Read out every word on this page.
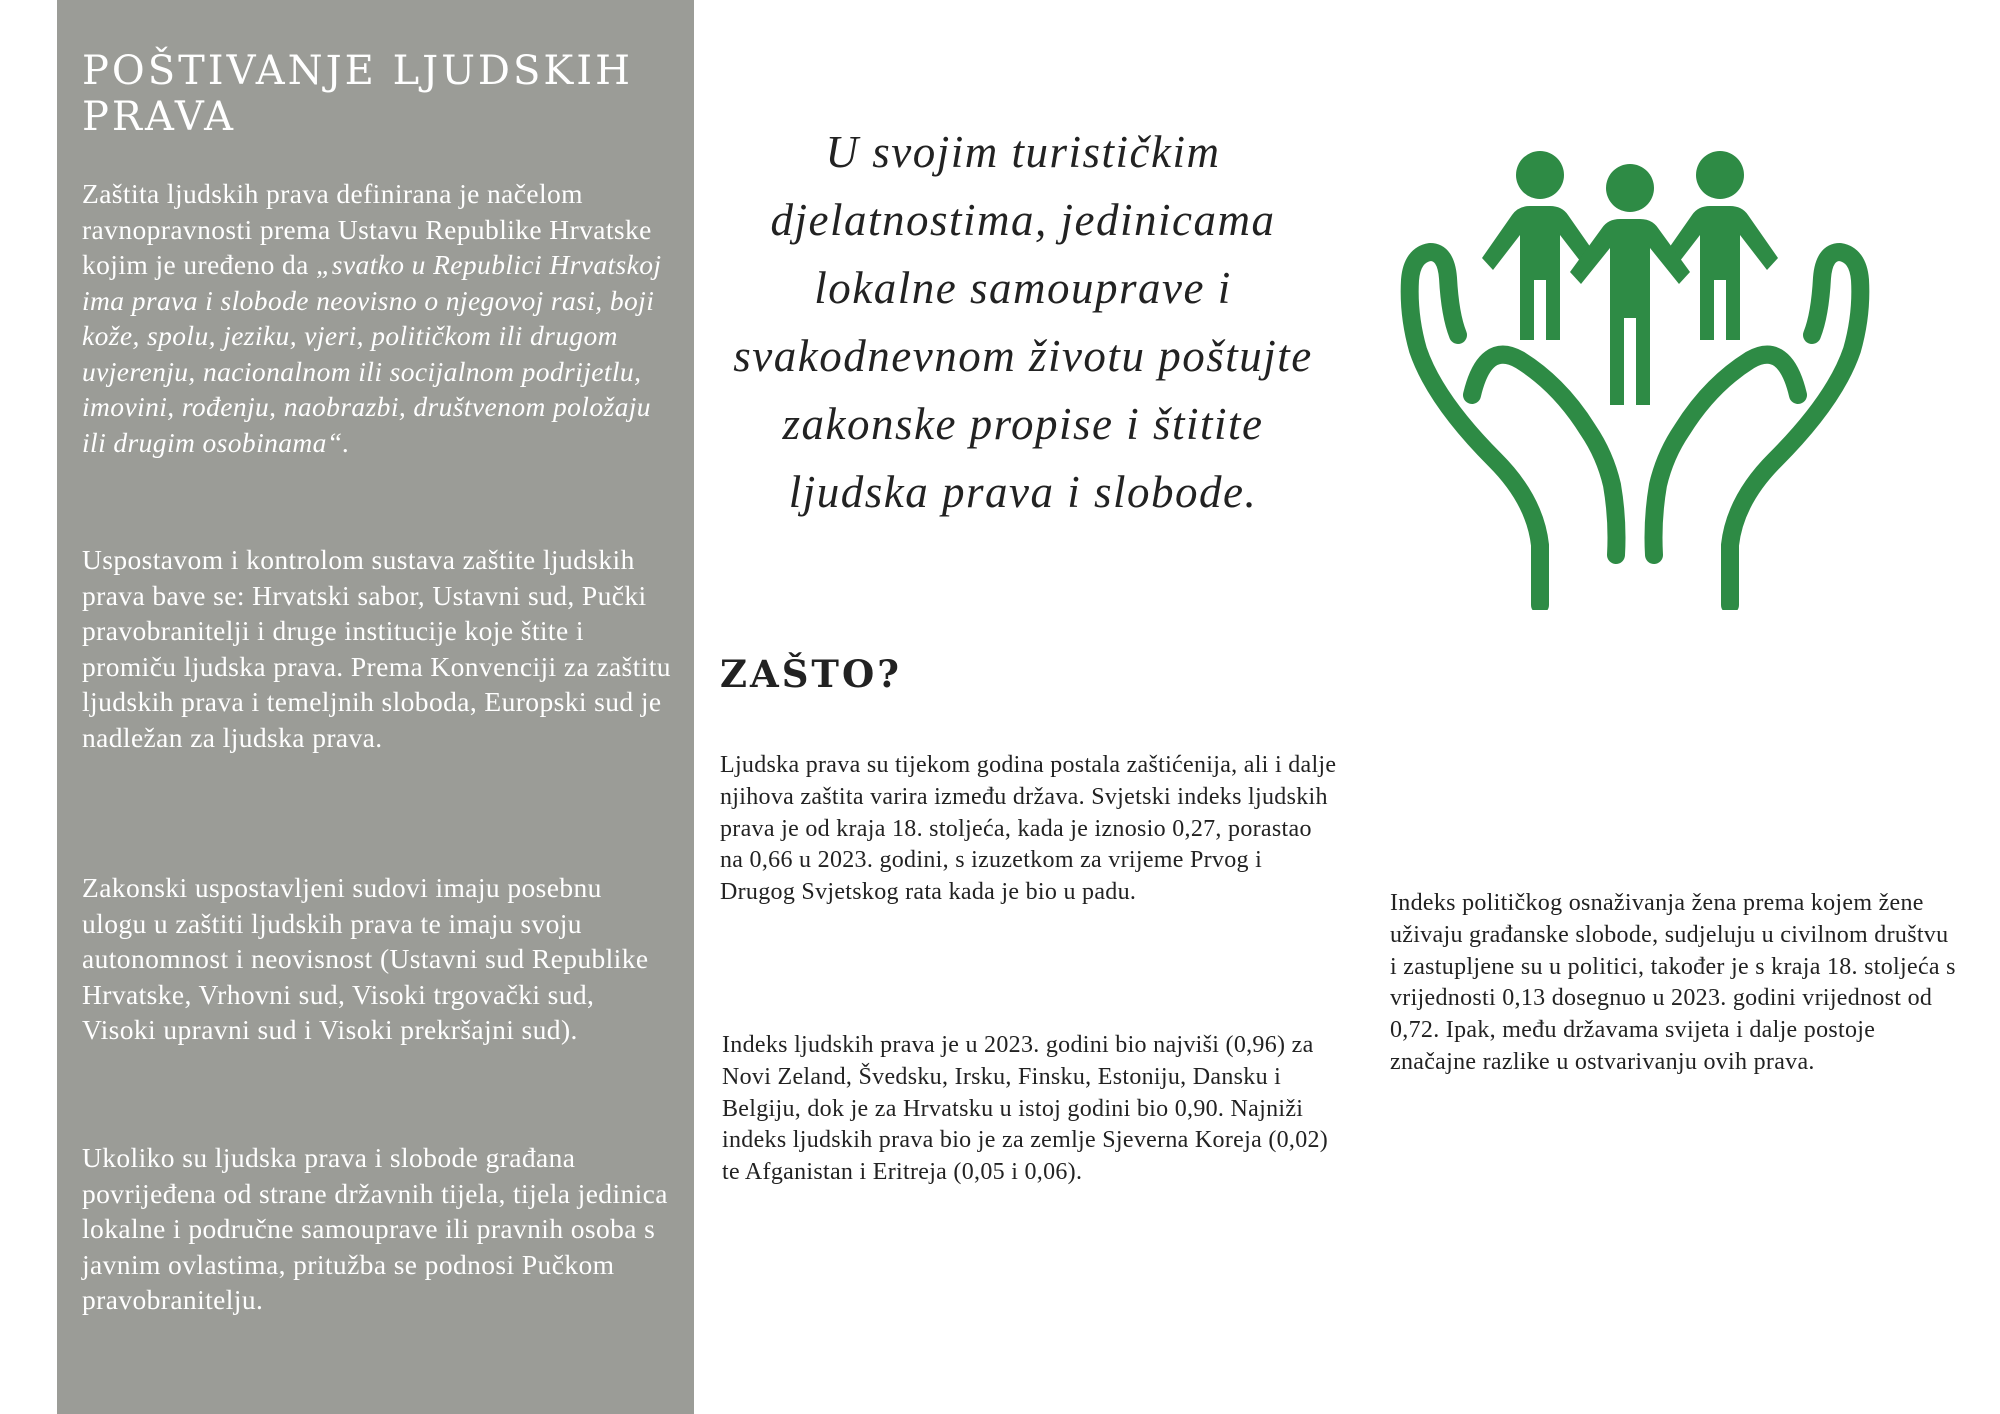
POŠTIVANJE LJUDSKIH PRAVA

Zaštita ljudskih prava definirana je načelom ravnopravnosti prema Ustavu Republike Hrvatske kojim je uređeno da „svatko u Republici Hrvatskoj ima prava i slobode neovisno o njegovoj rasi, boji kože, spolu, jeziku, vjeri, političkom ili drugom uvjerenju, nacionalnom ili socijalnom podrijetlu, imovini, rođenju, naobrazbi, društvenom položaju ili drugim osobinama“.

Uspostavom i kontrolom sustava zaštite ljudskih prava bave se: Hrvatski sabor, Ustavni sud, Pučki pravobranitelji i druge institucije koje štite i promiču ljudska prava. Prema Konvenciji za zaštitu ljudskih prava i temeljnih sloboda, Europski sud je nadležan za ljudska prava.

Zakonski uspostavljeni sudovi imaju posebnu ulogu u zaštiti ljudskih prava te imaju svoju autonomnost i neovisnost (Ustavni sud Republike Hrvatske, Vrhovni sud, Visoki trgovački sud, Visoki upravni sud i Visoki prekršajni sud).

Ukoliko su ljudska prava i slobode građana povrijeđena od strane državnih tijela, tijela jedinica lokalne i područne samouprave ili pravnih osoba s javnim ovlastima, pritužba se podnosi Pučkom pravobranitelju.

U svojim turističkim djelatnostima, jedinicama lokalne samouprave i svakodnevnom životu poštujte zakonske propise i štitite ljudska prava i slobode.

ZAŠTO?

Ljudska prava su tijekom godina postala zaštićenija, ali i dalje njihova zaštita varira između država. Svjetski indeks ljudskih prava je od kraja 18. stoljeća, kada je iznosio 0,27, porastao na 0,66 u 2023. godini, s izuzetkom za vrijeme Prvog i Drugog Svjetskog rata kada je bio u padu.

Indeks ljudskih prava je u 2023. godini bio najviši (0,96) za Novi Zeland, Švedsku, Irsku, Finsku, Estoniju, Dansku i Belgiju, dok je za Hrvatsku u istoj godini bio 0,90. Najniži indeks ljudskih prava bio je za zemlje Sjeverna Koreja (0,02) te Afganistan i Eritreja (0,05 i 0,06).

Indeks političkog osnaživanja žena prema kojem žene uživaju građanske slobode, sudjeluju u civilnom društvu i zastupljene su u politici, također je s kraja 18. stoljeća s vrijednosti 0,13 dosegnuo u 2023. godini vrijednost od 0,72. Ipak, među državama svijeta i dalje postoje značajne razlike u ostvarivanju ovih prava.
